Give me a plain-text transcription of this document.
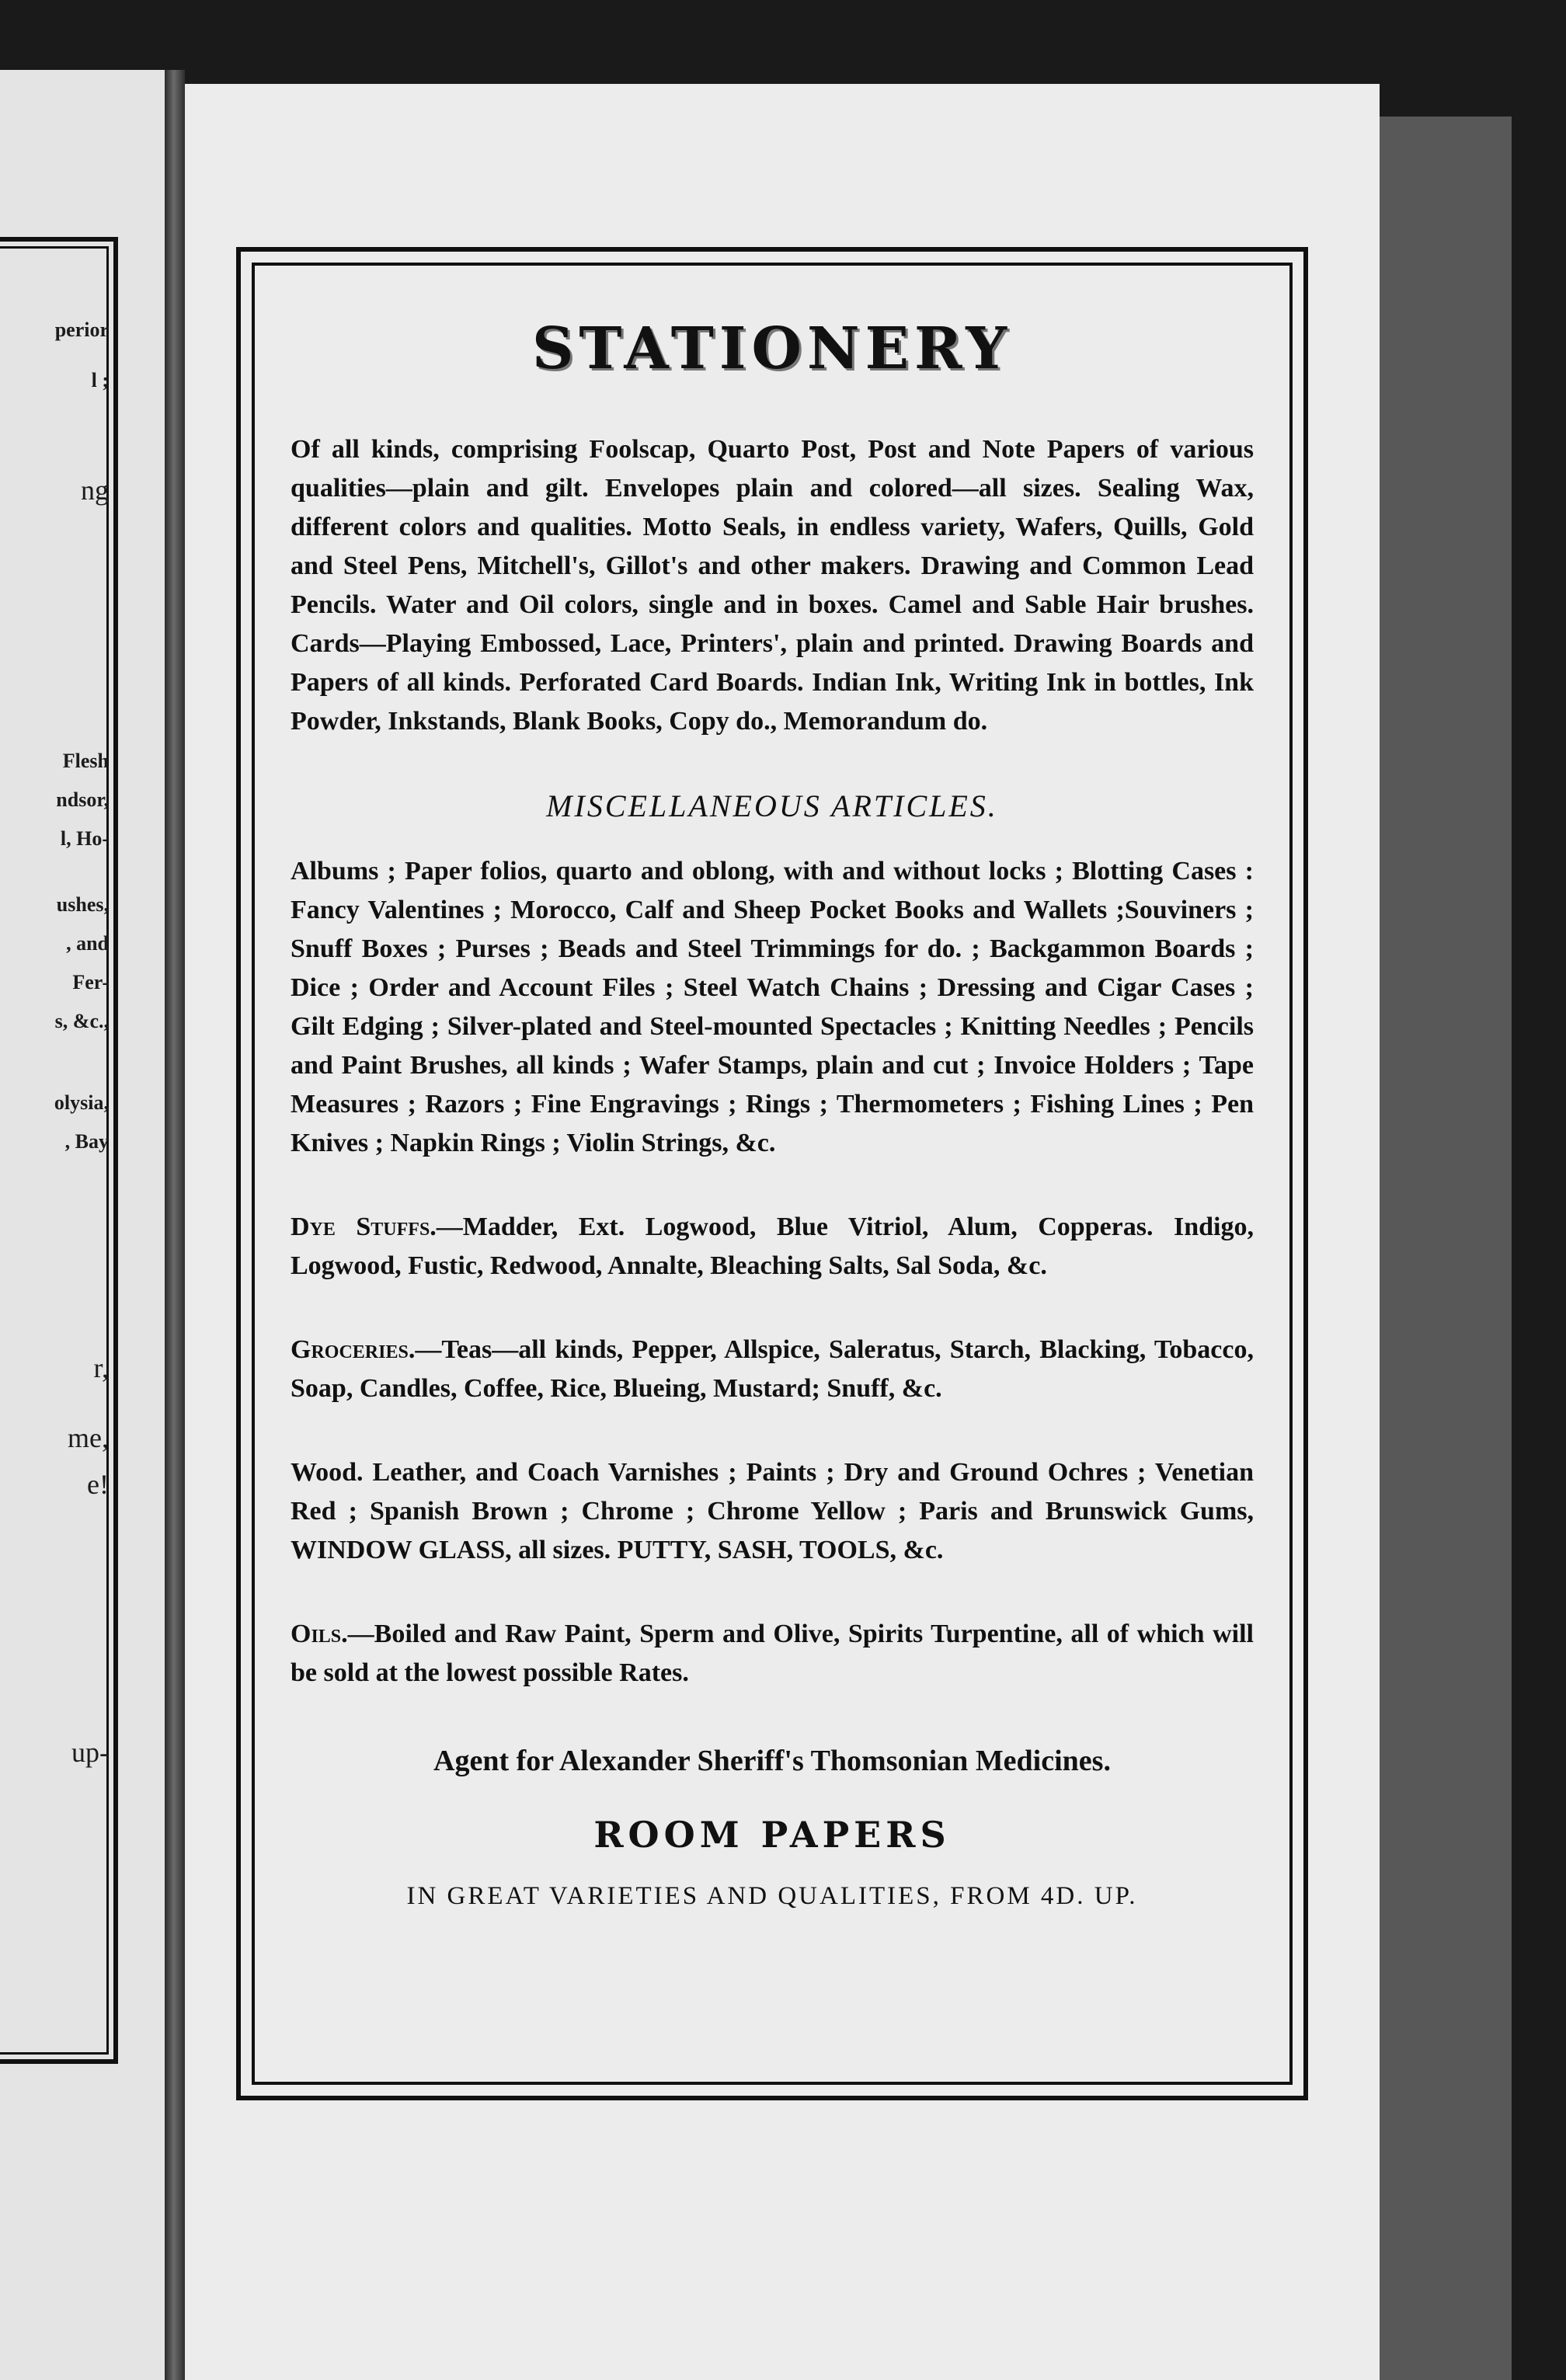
perior
l ;
ng
Flesh
ndsor,
l, Ho-
ushes,
, and
Fer-
s, &c.,
olysia,
, Bay
r,
me,
e!
up-
STATIONERY

Of all kinds, comprising Foolscap, Quarto Post, Post and Note Papers of various qualities—plain and gilt. Envelopes plain and colored—all sizes. Sealing Wax, different colors and qualities. Motto Seals, in endless variety, Wafers, Quills, Gold and Steel Pens, Mitchell's, Gillot's and other makers. Drawing and Common Lead Pencils. Water and Oil colors, single and in boxes. Camel and Sable Hair brushes. Cards—Playing Embossed, Lace, Printers', plain and printed. Drawing Boards and Papers of all kinds. Perforated Card Boards. Indian Ink, Writing Ink in bottles, Ink Powder, Inkstands, Blank Books, Copy do., Memorandum do.

MISCELLANEOUS ARTICLES.

Albums ; Paper folios, quarto and oblong, with and without locks ; Blotting Cases : Fancy Valentines ; Morocco, Calf and Sheep Pocket Books and Wallets ;Souviners ; Snuff Boxes ; Purses ; Beads and Steel Trimmings for do. ; Backgammon Boards ; Dice ; Order and Account Files ; Steel Watch Chains ; Dressing and Cigar Cases ; Gilt Edging ; Silver-plated and Steel-mounted Spectacles ; Knitting Needles ; Pencils and Paint Brushes, all kinds ; Wafer Stamps, plain and cut ; Invoice Holders ; Tape Measures ; Razors ; Fine Engravings ; Rings ; Thermometers ; Fishing Lines ; Pen Knives ; Napkin Rings ; Violin Strings, &c.

Dye Stuffs.—Madder, Ext. Logwood, Blue Vitriol, Alum, Copperas. Indigo, Logwood, Fustic, Redwood, Annalte, Bleaching Salts, Sal Soda, &c.

Groceries.—Teas—all kinds, Pepper, Allspice, Saleratus, Starch, Blacking, Tobacco, Soap, Candles, Coffee, Rice, Blueing, Mustard; Snuff, &c.

Wood. Leather, and Coach Varnishes ; Paints ; Dry and Ground Ochres ; Venetian Red ; Spanish Brown ; Chrome ; Chrome Yellow ; Paris and Brunswick Gums, WINDOW GLASS, all sizes. PUTTY, SASH, TOOLS, &c.

Oils.—Boiled and Raw Paint, Sperm and Olive, Spirits Turpentine, all of which will be sold at the lowest possible Rates.

Agent for Alexander Sheriff's Thomsonian Medicines.
ROOM PAPERS
IN GREAT VARIETIES AND QUALITIES, FROM 4D. UP.
